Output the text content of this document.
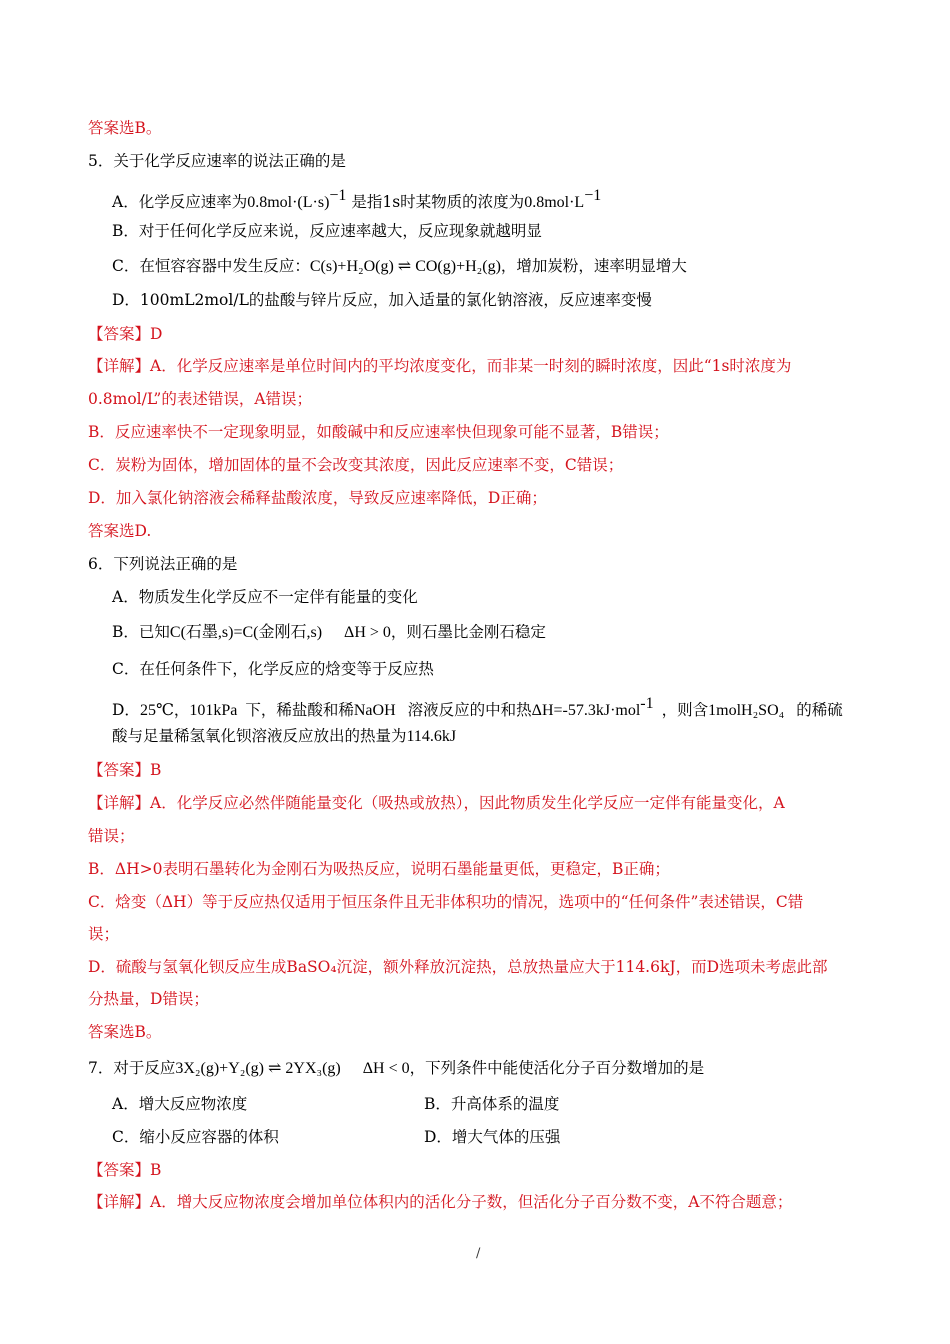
答案选B。
5．关于化学反应速率的说法正确的是
A．化学反应速率为$0.8mol\cdot(L\cdot s)^{-1}$ 是指1s时某物质的浓度为$0.8mol\cdot L^{-1}$
B．对于任何化学反应来说，反应速率越大，反应现象就越明显
C．在恒容容器中发生反应：C(s)+H₂O(g) ⇌ CO(g)+H₂(g)，增加炭粉，速率明显增大
D．100mL2mol/L的盐酸与锌片反应，加入适量的氯化钠溶液，反应速率变慢
【答案】D
【详解】A．化学反应速率是单位时间内的平均浓度变化，而非某一时刻的瞬时浓度，因此“1s时浓度为
0.8mol/L”的表述错误，A错误；
B．反应速率快不一定现象明显，如酸碱中和反应速率快但现象可能不显著，B错误；
C．炭粉为固体，增加固体的量不会改变其浓度，因此反应速率不变，C错误；
D．加入氯化钠溶液会稀释盐酸浓度，导致反应速率降低，D正确；
答案选D.
6．下列说法正确的是
A．物质发生化学反应不一定伴有能量的变化
B．已知C(石墨,s)=C(金刚石,s) ΔH > 0，则石墨比金刚石稳定
C．在任何条件下，化学反应的焓变等于反应热
D．25℃，101kPa 下，稀盐酸和稀NaOH 溶液反应的中和热ΔH=-57.3kJ·mol$^{-1}$ ，则含1molH₂SO₄ 的稀硫
酸与足量稀氢氧化钡溶液反应放出的热量为114.6kJ
【答案】B
【详解】A．化学反应必然伴随能量变化（吸热或放热），因此物质发生化学反应一定伴有能量变化，A
错误；
B．ΔH>0表明石墨转化为金刚石为吸热反应，说明石墨能量更低，更稳定，B正确；
C．焓变（ΔH）等于反应热仅适用于恒压条件且无非体积功的情况，选项中的“任何条件”表述错误，C错
误；
D．硫酸与氢氧化钡反应生成BaSO₄沉淀，额外释放沉淀热，总放热量应大于114.6kJ，而D选项未考虑此部
分热量，D错误；
答案选B。
7．对于反应3X₂(g)+Y₂(g) ⇌ 2YX₃(g) ΔH < 0，下列条件中能使活化分子百分数增加的是
A．增大反应物浓度	B．升高体系的温度
C．缩小反应容器的体积	D．增大气体的压强
【答案】B
【详解】A．增大反应物浓度会增加单位体积内的活化分子数，但活化分子百分数不变，A不符合题意；
/
